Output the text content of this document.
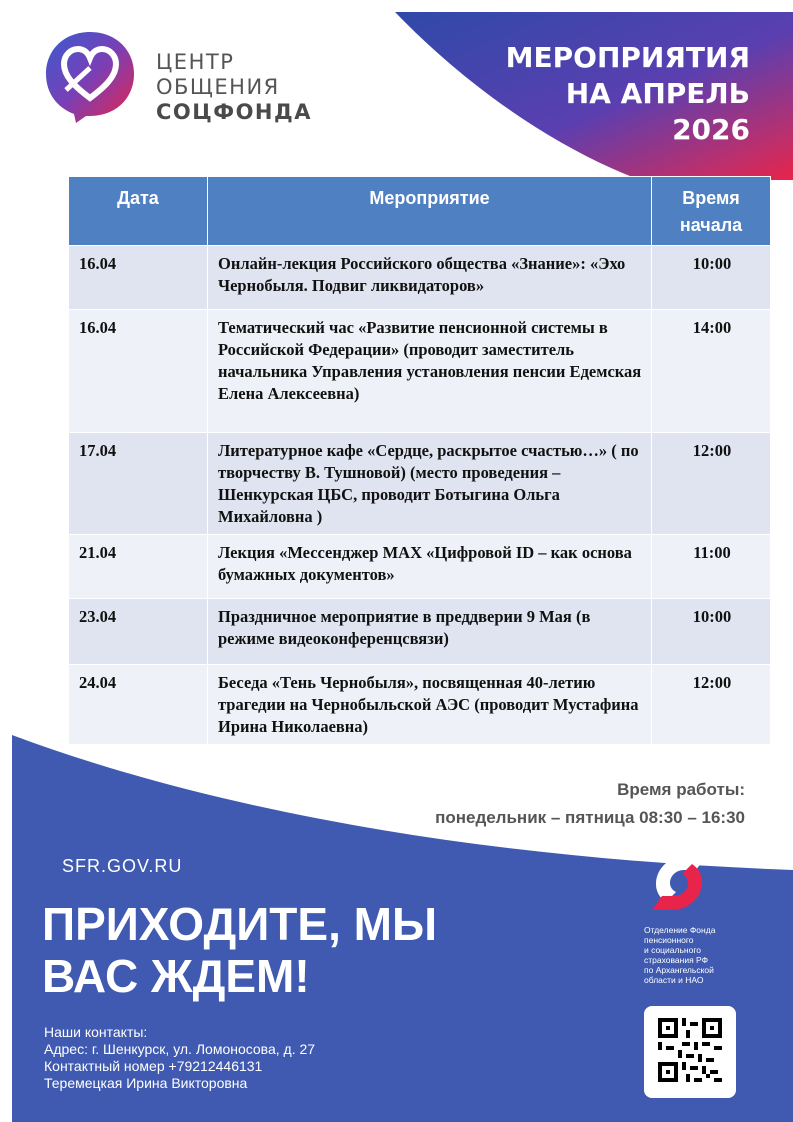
ЦЕНТР
ОБЩЕНИЯ
СОЦФОНДА
МЕРОПРИЯТИЯ
НА АПРЕЛЬ
2026
Дата	Мероприятие	Время
начала

16.04	Онлайн-лекция Российского общества «Знание»: «Эхо Чернобыля. Подвиг ликвидаторов»	10:00
16.04	Тематический час «Развитие пенсионной системы в Российской Федерации» (проводит заместитель начальника Управления установления пенсии Едемская Елена Алексеевна)	14:00
17.04	Литературное кафе «Сердце, раскрытое счастью…» ( по творчеству В. Тушновой) (место проведения – Шенкурская ЦБС, проводит Ботыгина Ольга Михайловна )	12:00
21.04	Лекция «Мессенджер MAX «Цифровой ID – как основа бумажных документов»	11:00
23.04	Праздничное мероприятие в преддверии 9 Мая (в режиме видеоконференцсвязи)	10:00
24.04	Беседа «Тень Чернобыля», посвященная 40-летию трагедии на Чернобыльской АЭС (проводит Мустафина Ирина Николаевна)	12:00
Время работы:
понедельник – пятница 08:30 – 16:30
SFR.GOV.RU
ПРИХОДИТЕ, МЫ
ВАС ЖДЕМ!
Наши контакты:
Адрес: г. Шенкурск, ул. Ломоносова, д. 27
Контактный номер +79212446131
Теремецкая Ирина Викторовна
Отделение Фонда
пенсионного
и социального
страхования РФ
по Архангельской
области и НАО
